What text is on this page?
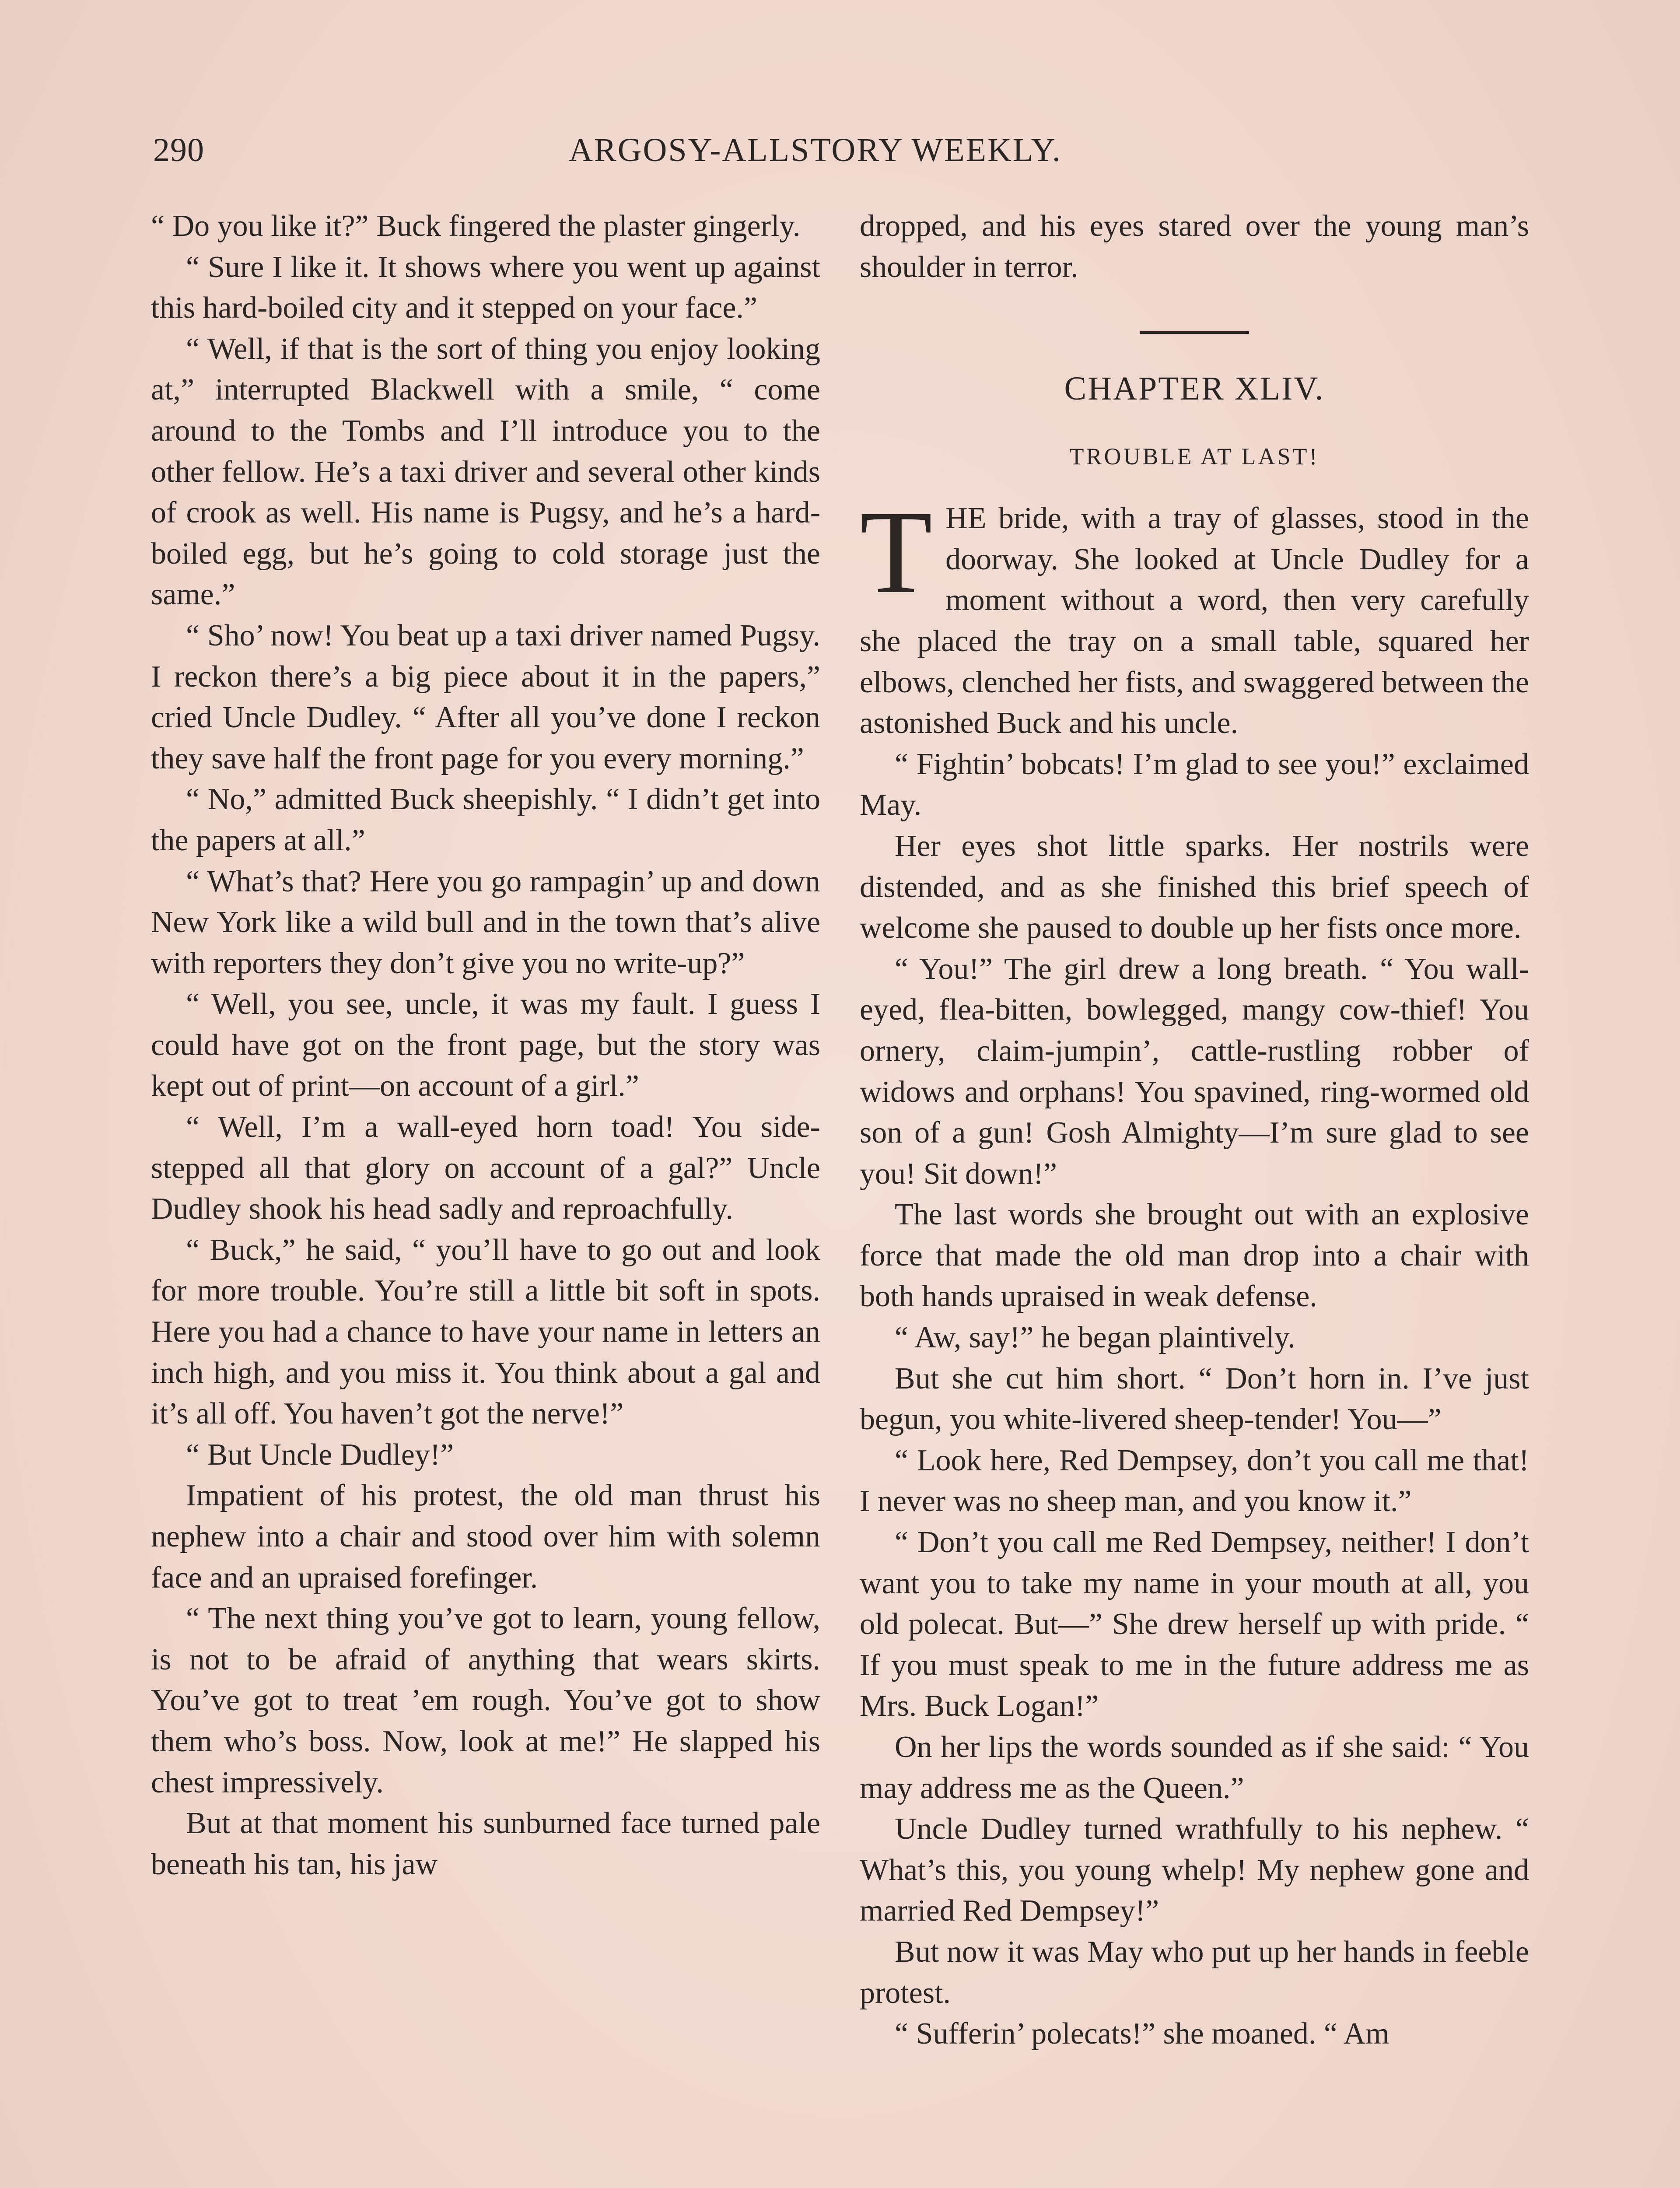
290	ARGOSY-ALLSTORY WEEKLY.

“ Do you like it?” Buck fingered the plaster gingerly.

“ Sure I like it. It shows where you went up against this hard-boiled city and it stepped on your face.”

“ Well, if that is the sort of thing you enjoy looking at,” interrupted Blackwell with a smile, “ come around to the Tombs and I’ll introduce you to the other fellow. He’s a taxi driver and several other kinds of crook as well. His name is Pugsy, and he’s a hard-boiled egg, but he’s going to cold storage just the same.”

“ Sho’ now! You beat up a taxi driver named Pugsy. I reckon there’s a big piece about it in the papers,” cried Uncle Dudley. “ After all you’ve done I reckon they save half the front page for you every morning.”

“ No,” admitted Buck sheepishly. “ I didn’t get into the papers at all.”

“ What’s that? Here you go rampagin’ up and down New York like a wild bull and in the town that’s alive with reporters they don’t give you no write-up?”

“ Well, you see, uncle, it was my fault. I guess I could have got on the front page, but the story was kept out of print—on account of a girl.”

“ Well, I’m a wall-eyed horn toad! You side-stepped all that glory on account of a gal?” Uncle Dudley shook his head sadly and reproachfully.

“ Buck,” he said, “ you’ll have to go out and look for more trouble. You’re still a little bit soft in spots. Here you had a chance to have your name in letters an inch high, and you miss it. You think about a gal and it’s all off. You haven’t got the nerve!”

“ But Uncle Dudley!”

Impatient of his protest, the old man thrust his nephew into a chair and stood over him with solemn face and an upraised forefinger.

“ The next thing you’ve got to learn, young fellow, is not to be afraid of anything that wears skirts. You’ve got to treat ’em rough. You’ve got to show them who’s boss. Now, look at me!” He slapped his chest impressively.

But at that moment his sunburned face turned pale beneath his tan, his jaw

dropped, and his eyes stared over the young man’s shoulder in terror.

CHAPTER XLIV.
TROUBLE AT LAST!

THE bride, with a tray of glasses, stood in the doorway. She looked at Uncle Dudley for a moment without a word, then very carefully she placed the tray on a small table, squared her elbows, clenched her fists, and swaggered between the astonished Buck and his uncle.

“ Fightin’ bobcats! I’m glad to see you!” exclaimed May.

Her eyes shot little sparks. Her nostrils were distended, and as she finished this brief speech of welcome she paused to double up her fists once more.

“ You!” The girl drew a long breath. “ You wall-eyed, flea-bitten, bowlegged, mangy cow-thief! You ornery, claim-jumpin’, cattle-rustling robber of widows and orphans! You spavined, ring-wormed old son of a gun! Gosh Almighty—I’m sure glad to see you! Sit down!”

The last words she brought out with an explosive force that made the old man drop into a chair with both hands upraised in weak defense.

“ Aw, say!” he began plaintively.

But she cut him short. “ Don’t horn in. I’ve just begun, you white-livered sheep-tender! You—”

“ Look here, Red Dempsey, don’t you call me that! I never was no sheep man, and you know it.”

“ Don’t you call me Red Dempsey, neither! I don’t want you to take my name in your mouth at all, you old polecat. But—” She drew herself up with pride. “ If you must speak to me in the future address me as Mrs. Buck Logan!”

On her lips the words sounded as if she said: “ You may address me as the Queen.”

Uncle Dudley turned wrathfully to his nephew. “ What’s this, you young whelp! My nephew gone and married Red Dempsey!”

But now it was May who put up her hands in feeble protest.

“ Sufferin’ polecats!” she moaned. “ Am
